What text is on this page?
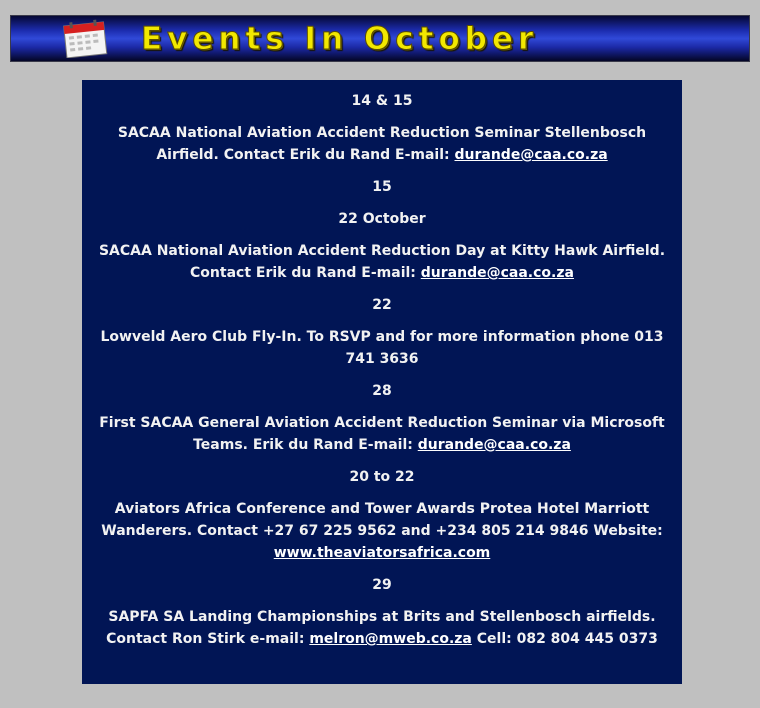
Events In October
14 & 15
SACAA National Aviation Accident Reduction Seminar Stellenbosch Airfield. Contact Erik du Rand E-mail: durande@caa.co.za
15
22 October
SACAA National Aviation Accident Reduction Day at Kitty Hawk Airfield. Contact Erik du Rand E-mail: durande@caa.co.za
22
Lowveld Aero Club Fly-In. To RSVP and for more information phone 013 741 3636
28
First SACAA General Aviation Accident Reduction Seminar via Microsoft Teams. Erik du Rand E-mail: durande@caa.co.za
20 to 22
Aviators Africa Conference and Tower Awards Protea Hotel Marriott Wanderers. Contact +27 67 225 9562 and +234 805 214 9846 Website: www.theaviatorsafrica.com
29
SAPFA SA Landing Championships at Brits and Stellenbosch airfields. Contact Ron Stirk e-mail: melron@mweb.co.za Cell: 082 804 445 0373
